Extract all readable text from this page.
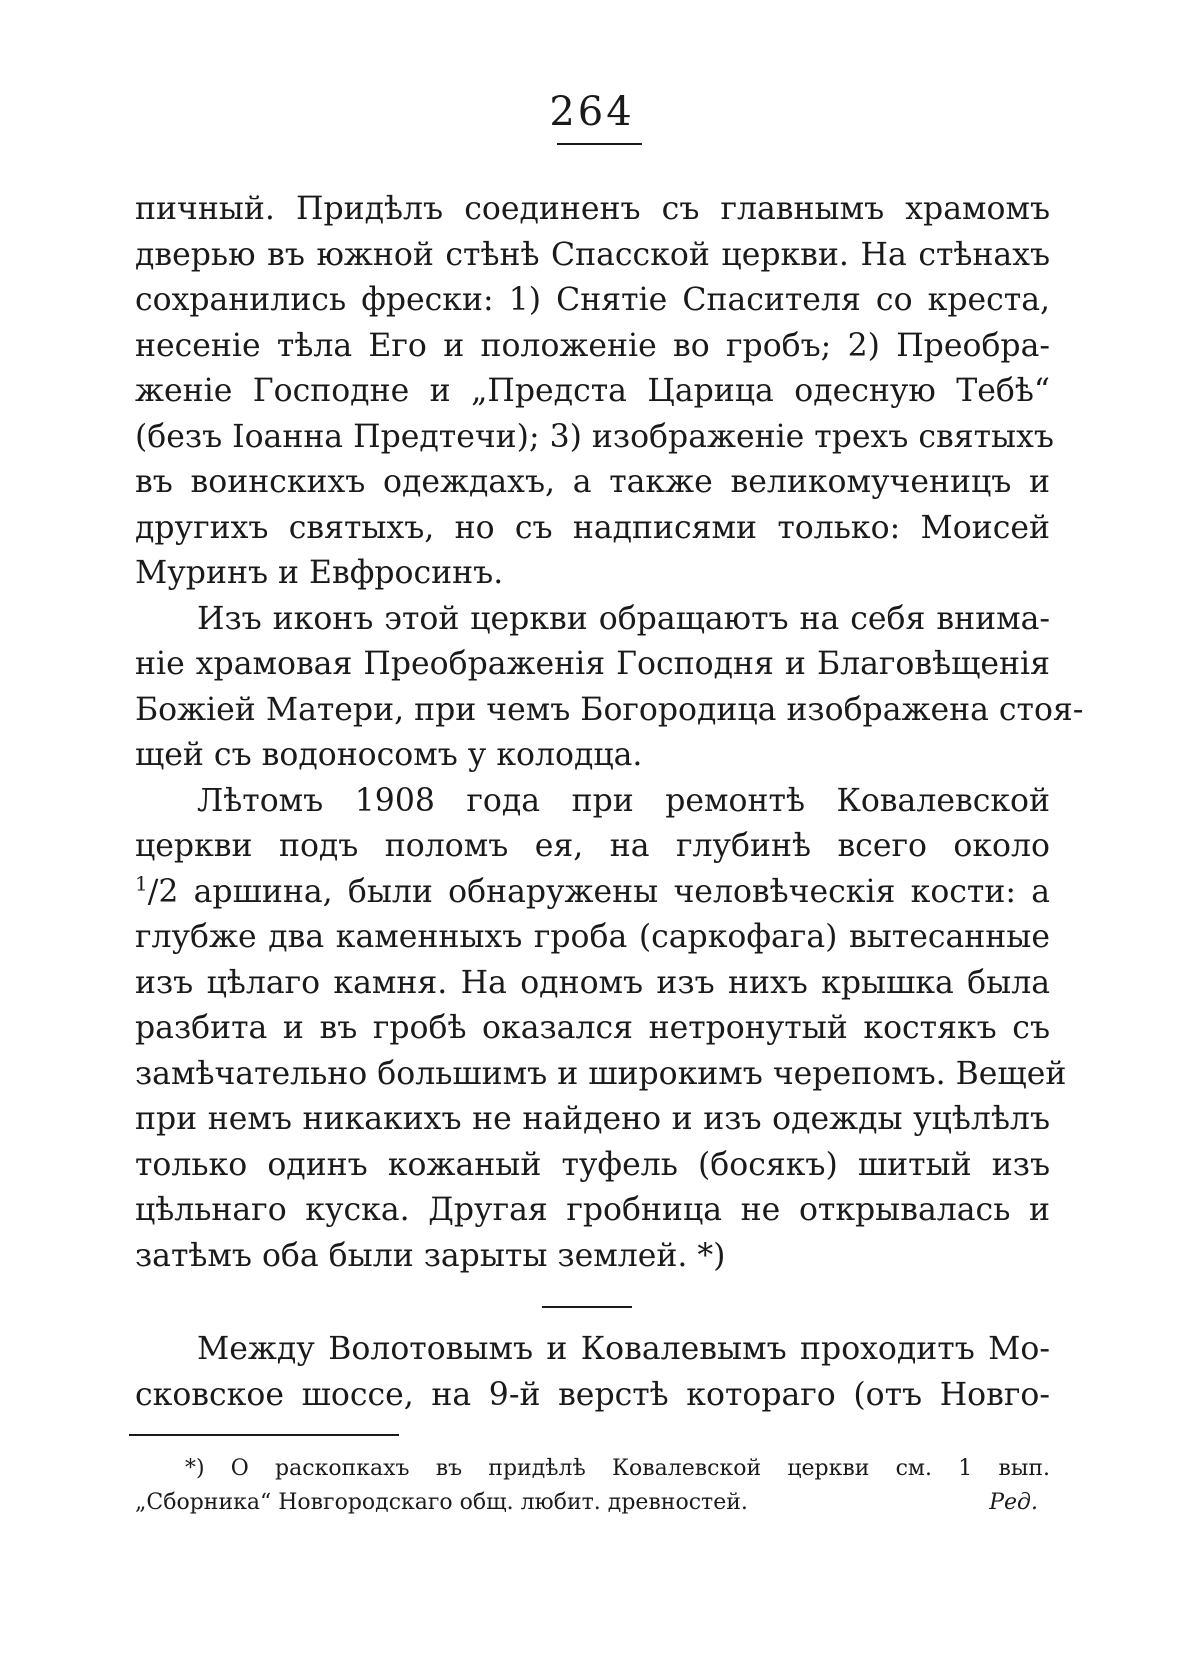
264
пичный. Придѣлъ соединенъ съ главнымъ храмомъ
дверью въ южной стѣнѣ Спасской церкви. На стѣнахъ
сохранились фрески: 1) Снятіе Спасителя со креста,
несеніе тѣла Его и положеніе во гробъ; 2) Преобра-
женіе Господне и „Предста Царица одесную Тебѣ“
(безъ Іоанна Предтечи); 3) изображеніе трехъ святыхъ
въ воинскихъ одеждахъ, а также великомученицъ и
другихъ святыхъ, но съ надписями только: Моисей
Муринъ и Евфросинъ.
Изъ иконъ этой церкви обращаютъ на себя внима-
ніе храмовая Преображенія Господня и Благовѣщенія
Божіей Матери, при чемъ Богородица изображена стоя-
щей съ водоносомъ у колодца.
Лѣтомъ 1908 года при ремонтѣ Ковалевской
церкви подъ поломъ ея, на глубинѣ всего около
$^1$/2 аршина, были обнаружены человѣческія кости: а
глубже два каменныхъ гроба (саркофага) вытесанные
изъ цѣлаго камня. На одномъ изъ нихъ крышка была
разбита и въ гробѣ оказался нетронутый костякъ съ
замѣчательно большимъ и широкимъ черепомъ. Вещей
при немъ никакихъ не найдено и изъ одежды уцѣлѣлъ
только одинъ кожаный туфель (босякъ) шитый изъ
цѣльнаго куска. Другая гробница не открывалась и
затѣмъ оба были зарыты землей. *)
Между Волотовымъ и Ковалевымъ проходитъ Мо-
сковское шоссе, на 9-й верстѣ котораго (отъ Новго-
*) О раскопкахъ въ придѣлѣ Ковалевской церкви см. 1 вып.
„Сборника“ Новгородскаго общ. любит. древностей.	Ред.
